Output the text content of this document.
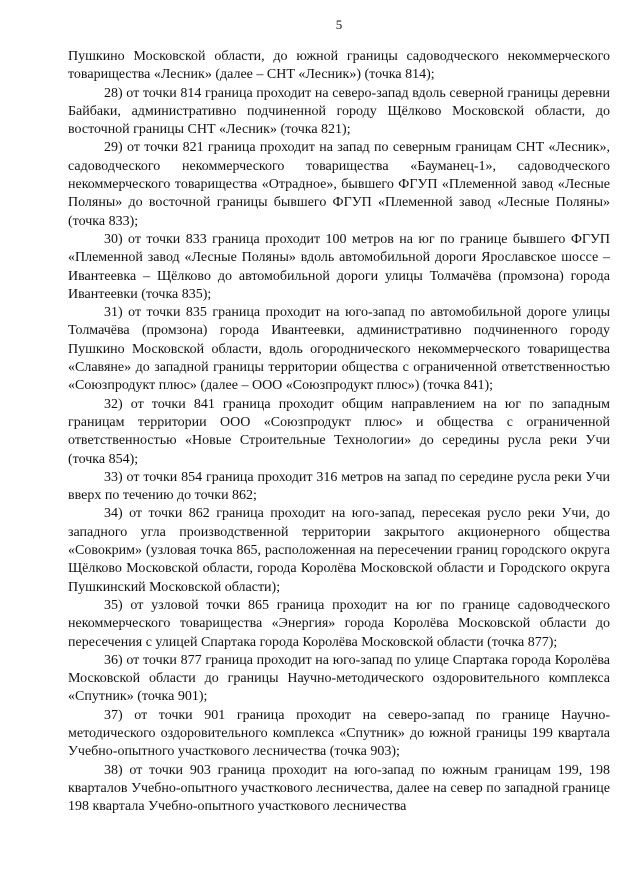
5

Пушкино Московской области, до южной границы садоводческого некоммерческого товарищества «Лесник» (далее – СНТ «Лесник») (точка 814);

28) от точки 814 граница проходит на северо-запад вдоль северной границы деревни Байбаки, административно подчиненной городу Щёлково Московской области, до восточной границы СНТ «Лесник» (точка 821);

29) от точки 821 граница проходит на запад по северным границам СНТ «Лесник», садоводческого некоммерческого товарищества «Бауманец-1», садоводческого некоммерческого товарищества «Отрадное», бывшего ФГУП «Племенной завод «Лесные Поляны» до восточной границы бывшего ФГУП «Племенной завод «Лесные Поляны» (точка 833);

30) от точки 833 граница проходит 100 метров на юг по границе бывшего ФГУП «Племенной завод «Лесные Поляны» вдоль автомобильной дороги Ярославское шоссе – Ивантеевка – Щёлково до автомобильной дороги улицы Толмачёва (промзона) города Ивантеевки (точка 835);

31) от точки 835 граница проходит на юго-запад по автомобильной дороге улицы Толмачёва (промзона) города Ивантеевки, административно подчиненного городу Пушкино Московской области, вдоль огороднического некоммерческого товарищества «Славяне» до западной границы территории общества с ограниченной ответственностью «Союзпродукт плюс» (далее – ООО «Союзпродукт плюс») (точка 841);

32) от точки 841 граница проходит общим направлением на юг по западным границам территории ООО «Союзпродукт плюс» и общества с ограниченной ответственностью «Новые Строительные Технологии» до середины русла реки Учи (точка 854);

33) от точки 854 граница проходит 316 метров на запад по середине русла реки Учи вверх по течению до точки 862;

34) от точки 862 граница проходит на юго-запад, пересекая русло реки Учи, до западного угла производственной территории закрытого акционерного общества «Совокрим» (узловая точка 865, расположенная на пересечении границ городского округа Щёлково Московской области, города Королёва Московской области и Городского округа Пушкинский Московской области);

35) от узловой точки 865 граница проходит на юг по границе садоводческого некоммерческого товарищества «Энергия» города Королёва Московской области до пересечения с улицей Спартака города Королёва Московской области (точка 877);

36) от точки 877 граница проходит на юго-запад по улице Спартака города Королёва Московской области до границы Научно-методического оздоровительного комплекса «Спутник» (точка 901);

37) от точки 901 граница проходит на северо-запад по границе Научно-методического оздоровительного комплекса «Спутник» до южной границы 199 квартала Учебно-опытного участкового лесничества (точка 903);

38) от точки 903 граница проходит на юго-запад по южным границам 199, 198 кварталов Учебно-опытного участкового лесничества, далее на север по западной границе 198 квартала Учебно-опытного участкового лесничества
